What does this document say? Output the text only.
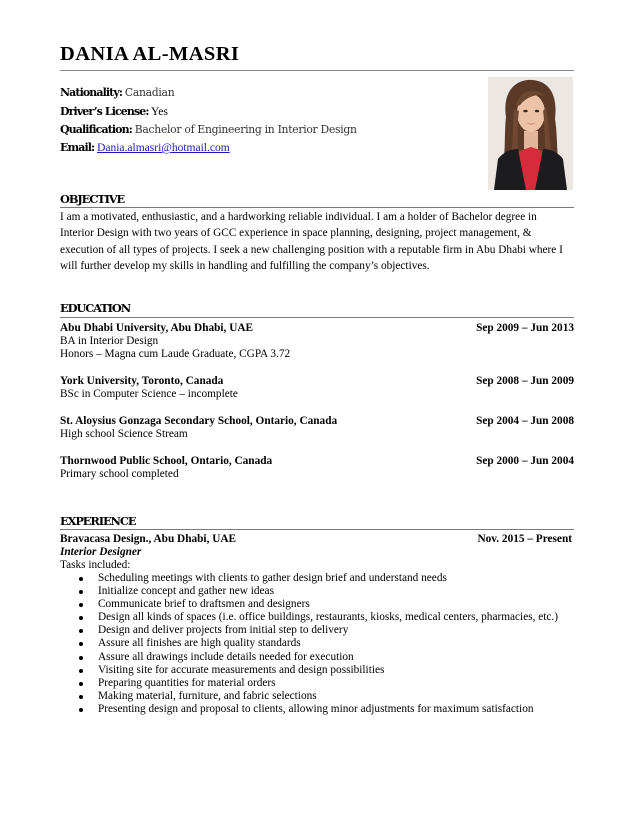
DANIA AL-MASRI
Nationality: Canadian
Driver’s License: Yes
Qualification: Bachelor of Engineering in Interior Design
Email: Dania.almasri@hotmail.com
OBJECTIVE
I am a motivated, enthusiastic, and a hardworking reliable individual. I am a holder of Bachelor degree in
Interior Design with two years of GCC experience in space planning, designing, project management, &
execution of all types of projects. I seek a new challenging position with a reputable firm in Abu Dhabi where I
will further develop my skills in handling and fulfilling the company’s objectives.
EDUCATION
Abu Dhabi University, Abu Dhabi, UAE	Sep 2009 – Jun 2013
BA in Interior Design
Honors – Magna cum Laude Graduate, CGPA 3.72
York University, Toronto, Canada	Sep 2008 – Jun 2009
BSc in Computer Science – incomplete
St. Aloysius Gonzaga Secondary School, Ontario, Canada	Sep 2004 – Jun 2008
High school Science Stream
Thornwood Public School, Ontario, Canada	Sep 2000 – Jun 2004
Primary school completed
EXPERIENCE
Bravacasa Design., Abu Dhabi, UAE	Nov. 2015 – Present
Interior Designer
Tasks included:
Scheduling meetings with clients to gather design brief and understand needs
Initialize concept and gather new ideas
Communicate brief to draftsmen and designers
Design all kinds of spaces (i.e. office buildings, restaurants, kiosks, medical centers, pharmacies, etc.)
Design and deliver projects from initial step to delivery
Assure all finishes are high quality standards
Assure all drawings include details needed for execution
Visiting site for accurate measurements and design possibilities
Preparing quantities for material orders
Making material, furniture, and fabric selections
Presenting design and proposal to clients, allowing minor adjustments for maximum satisfaction
